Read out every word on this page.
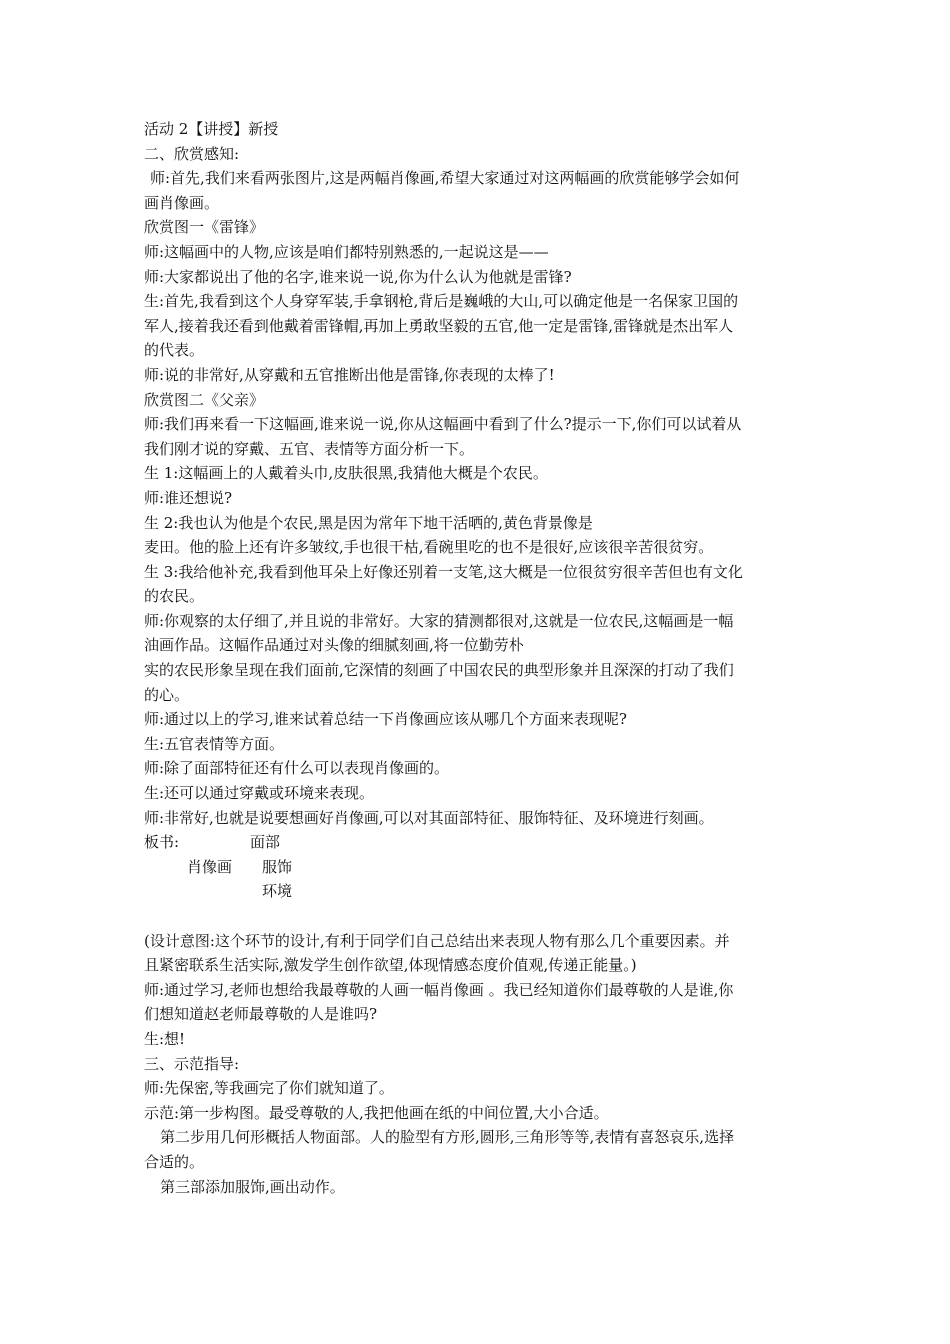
活动 2【讲授】新授
二、欣赏感知:
师:首先,我们来看两张图片,这是两幅肖像画,希望大家通过对这两幅画的欣赏能够学会如何
画肖像画。
欣赏图一《雷锋》
师:这幅画中的人物,应该是咱们都特别熟悉的,一起说这是——
师:大家都说出了他的名字,谁来说一说,你为什么认为他就是雷锋?
生:首先,我看到这个人身穿军装,手拿钢枪,背后是巍峨的大山,可以确定他是一名保家卫国的
军人,接着我还看到他戴着雷锋帽,再加上勇敢坚毅的五官,他一定是雷锋,雷锋就是杰出军人
的代表。
师:说的非常好,从穿戴和五官推断出他是雷锋,你表现的太棒了!
欣赏图二《父亲》
师:我们再来看一下这幅画,谁来说一说,你从这幅画中看到了什么?提示一下,你们可以试着从
我们刚才说的穿戴、五官、表情等方面分析一下。
生 1:这幅画上的人戴着头巾,皮肤很黑,我猜他大概是个农民。
师:谁还想说?
生 2:我也认为他是个农民,黑是因为常年下地干活晒的,黄色背景像是
麦田。他的脸上还有许多皱纹,手也很干枯,看碗里吃的也不是很好,应该很辛苦很贫穷。
生 3:我给他补充,我看到他耳朵上好像还别着一支笔,这大概是一位很贫穷很辛苦但也有文化
的农民。
师:你观察的太仔细了,并且说的非常好。大家的猜测都很对,这就是一位农民,这幅画是一幅
油画作品。这幅作品通过对头像的细腻刻画,将一位勤劳朴
实的农民形象呈现在我们面前,它深情的刻画了中国农民的典型形象并且深深的打动了我们
的心。
师:通过以上的学习,谁来试着总结一下肖像画应该从哪几个方面来表现呢?
生:五官表情等方面。
师:除了面部特征还有什么可以表现肖像画的。
生:还可以通过穿戴或环境来表现。
师:非常好,也就是说要想画好肖像画,可以对其面部特征、服饰特征、及环境进行刻画。
板书:	面部
肖像画 服饰
环境
(设计意图:这个环节的设计,有利于同学们自己总结出来表现人物有那么几个重要因素。并
且紧密联系生活实际,激发学生创作欲望,体现情感态度价值观,传递正能量。)
师:通过学习,老师也想给我最尊敬的人画一幅肖像画 。我已经知道你们最尊敬的人是谁,你
们想知道赵老师最尊敬的人是谁吗?
生:想!
三、示范指导:
师:先保密,等我画完了你们就知道了。
示范:第一步构图。最受尊敬的人,我把他画在纸的中间位置,大小合适。
第二步用几何形概括人物面部。人的脸型有方形,圆形,三角形等等,表情有喜怒哀乐,选择
合适的。
第三部添加服饰,画出动作。
